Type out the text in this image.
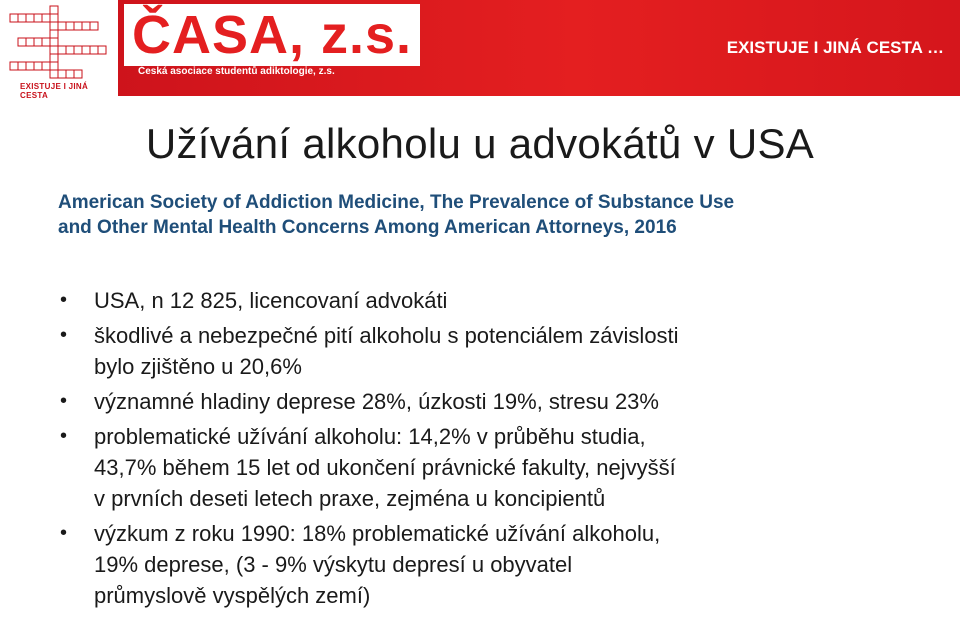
EXISTUJE I JINÁ CESTA
ČASA, z.s.
Česká asociace studentů adiktologie, z.s.
EXISTUJE I JINÁ CESTA …
Užívání alkoholu u advokátů v USA
American Society of Addiction Medicine, The Prevalence of Substance Use
and Other Mental Health Concerns Among American Attorneys, 2016
• USA, n 12 825, licencovaní advokáti
• škodlivé a nebezpečné pití alkoholu s potenciálem závislosti
bylo zjištěno u 20,6%
• významné hladiny deprese 28%, úzkosti 19%, stresu 23%
• problematické užívání alkoholu: 14,2% v průběhu studia,
43,7% během 15 let od ukončení právnické fakulty, nejvyšší
v prvních deseti letech praxe, zejména u koncipientů
• výzkum z roku 1990: 18% problematické užívání alkoholu,
19% deprese, (3 - 9% výskytu depresí u obyvatel
průmyslově vyspělých zemí)
